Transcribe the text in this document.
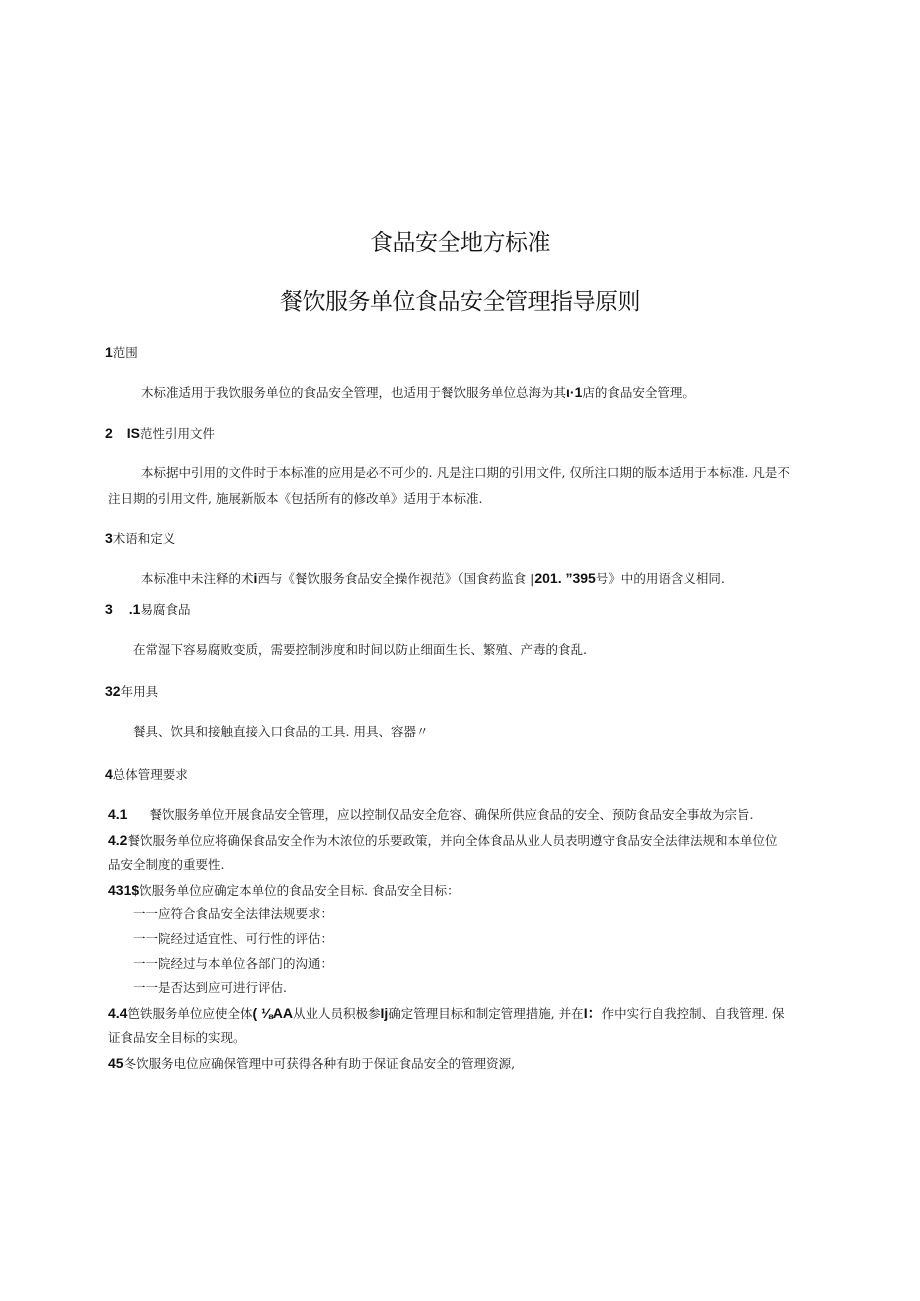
食品安全地方标准
餐饮服务单位食品安全管理指导原则
1范围
木标准适用于我饮服务单位的食品安全管理，也适用于餐饮服务单位总海为其ι·1店的食品安全管理。
2 IS范性引用文件
本标据中引用的文件时于本标准的应用是必不可少的. 凡是注口期的引用文件, 仅所注口期的版本适用于本标准. 凡是不
注日期的引用文件, 施展新版本《包括所有的修改单》适用于本标准.
3术语和定义
本标准中未注释的术i西与《餐饮服务食品安全操作视范》（国食药监食 |201. ”395号》中的用语含义相同.
3 .1易腐食品
在常湿下容易腐败变质，需要控制涉度和时间以防止细面生长、繁殖、产毒的食乱.
32年用具
餐具、饮具和接触直接入口食品的工具. 用具、容器〃
4总体管理要求
4.1 餐饮服务单位开展食品安全管理，应以控制仅品安全危容、确保所供应食品的安全、预防食品安全事故为宗旨.
4.2餐饮服务单位应将确保食品安全作为木浓位的乐要政策，并向全体食品从业人员表明遵守食品安全法律法规和本单位位
品安全制度的重要性.
431$饮服务单位应确定本单位的食品安全目标. 食品安全目标：
一一应符合食品安全法律法规要求：
一一院经过适宜性、可行性的评估：
一一院经过与本单位各部门的沟通：
一一是否达到应可进行评估.
4.4笆铁服务单位应使全体( ⅛AA从业人员积极参Ij确定管理目标和制定管理措施, 并在I：作中实行自我控制、自我管理. 保
证食品安全目标的实现。
45冬饮服务电位应确保管理中可获得各种有助于保证食品安全的管理资源,
